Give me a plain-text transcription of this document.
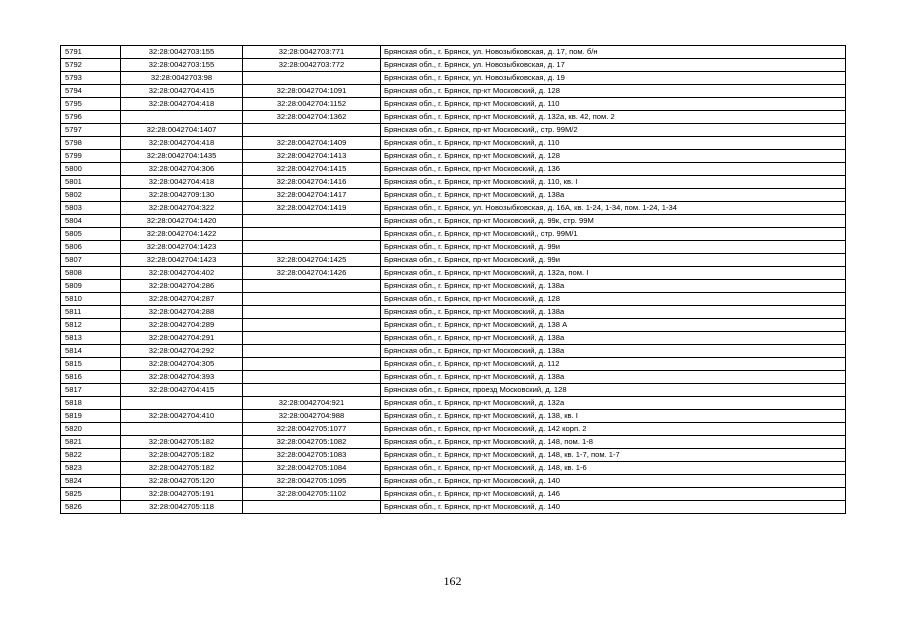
5791	32:28:0042703:155	32:28:0042703:771	Брянская обл., г. Брянск, ул. Новозыбковская, д. 17, пом. б/н
5792	32:28:0042703:155	32:28:0042703:772	Брянская обл., г. Брянск, ул. Новозыбковская, д. 17
5793	32:28:0042703:98		Брянская обл., г. Брянск, ул. Новозыбковская, д. 19
5794	32:28:0042704:415	32:28:0042704:1091	Брянская обл., г. Брянск, пр-кт Московский, д. 128
5795	32:28:0042704:418	32:28:0042704:1152	Брянская обл., г. Брянск, пр-кт Московский, д. 110
5796		32:28:0042704:1362	Брянская обл., г. Брянск, пр-кт Московский, д. 132а, кв. 42, пом. 2
5797	32:28:0042704:1407		Брянская обл., г. Брянск, пр-кт Московский,, стр. 99М/2
5798	32:28:0042704:418	32:28:0042704:1409	Брянская обл., г. Брянск, пр-кт Московский, д. 110
5799	32:28:0042704:1435	32:28:0042704:1413	Брянская обл., г. Брянск, пр-кт Московский, д. 128
5800	32:28:0042704:306	32:28:0042704:1415	Брянская обл., г. Брянск, пр-кт Московский, д. 136
5801	32:28:0042704:418	32:28:0042704:1416	Брянская обл., г. Брянск, пр-кт Московский, д. 110, кв. I
5802	32:28:0042709:130	32:28:0042704:1417	Брянская обл., г. Брянск, пр-кт Московский, д. 138а
5803	32:28:0042704:322	32:28:0042704:1419	Брянская обл., г. Брянск, ул. Новозыбковская, д. 16А, кв. 1-24, 1-34, пом. 1-24, 1-34
5804	32:28:0042704:1420		Брянская обл., г. Брянск, пр-кт Московский, д. 99к, стр. 99М
5805	32:28:0042704:1422		Брянская обл., г. Брянск, пр-кт Московский,, стр. 99М/1
5806	32:28:0042704:1423		Брянская обл., г. Брянск, пр-кт Московский, д. 99и
5807	32:28:0042704:1423	32:28:0042704:1425	Брянская обл., г. Брянск, пр-кт Московский, д. 99и
5808	32:28:0042704:402	32:28:0042704:1426	Брянская обл., г. Брянск, пр-кт Московский, д. 132а, пом. I
5809	32:28:0042704:286		Брянская обл., г. Брянск, пр-кт Московский, д. 138а
5810	32:28:0042704:287		Брянская обл., г. Брянск, пр-кт Московский, д. 128
5811	32:28:0042704:288		Брянская обл., г. Брянск, пр-кт Московский, д. 138а
5812	32:28:0042704:289		Брянская обл., г. Брянск, пр-кт Московский, д. 138 А
5813	32:28:0042704:291		Брянская обл., г. Брянск, пр-кт Московский, д. 138а
5814	32:28:0042704:292		Брянская обл., г. Брянск, пр-кт Московский, д. 138а
5815	32:28:0042704:305		Брянская обл., г. Брянск, пр-кт Московский, д. 112
5816	32:28:0042704:393		Брянская обл., г. Брянск, пр-кт Московский, д. 138а
5817	32:28:0042704:415		Брянская обл., г. Брянск, проезд Московский, д. 128
5818		32:28:0042704:921	Брянская обл., г. Брянск, пр-кт Московский, д. 132а
5819	32:28:0042704:410	32:28:0042704:988	Брянская обл., г. Брянск, пр-кт Московский, д. 138, кв. I
5820		32:28:0042705:1077	Брянская обл., г. Брянск, пр-кт Московский, д. 142 корп. 2
5821	32:28:0042705:182	32:28:0042705:1082	Брянская обл., г. Брянск, пр-кт Московский, д. 148, пом. 1-8
5822	32:28:0042705:182	32:28:0042705:1083	Брянская обл., г. Брянск, пр-кт Московский, д. 148, кв. 1-7, пом. 1-7
5823	32:28:0042705:182	32:28:0042705:1084	Брянская обл., г. Брянск, пр-кт Московский, д. 148, кв. 1-6
5824	32:28:0042705:120	32:28:0042705:1095	Брянская обл., г. Брянск, пр-кт Московский, д. 140
5825	32:28:0042705:191	32:28:0042705:1102	Брянская обл., г. Брянск, пр-кт Московский, д. 146
5826	32:28:0042705:118		Брянская обл., г. Брянск, пр-кт Московский, д. 140
162
